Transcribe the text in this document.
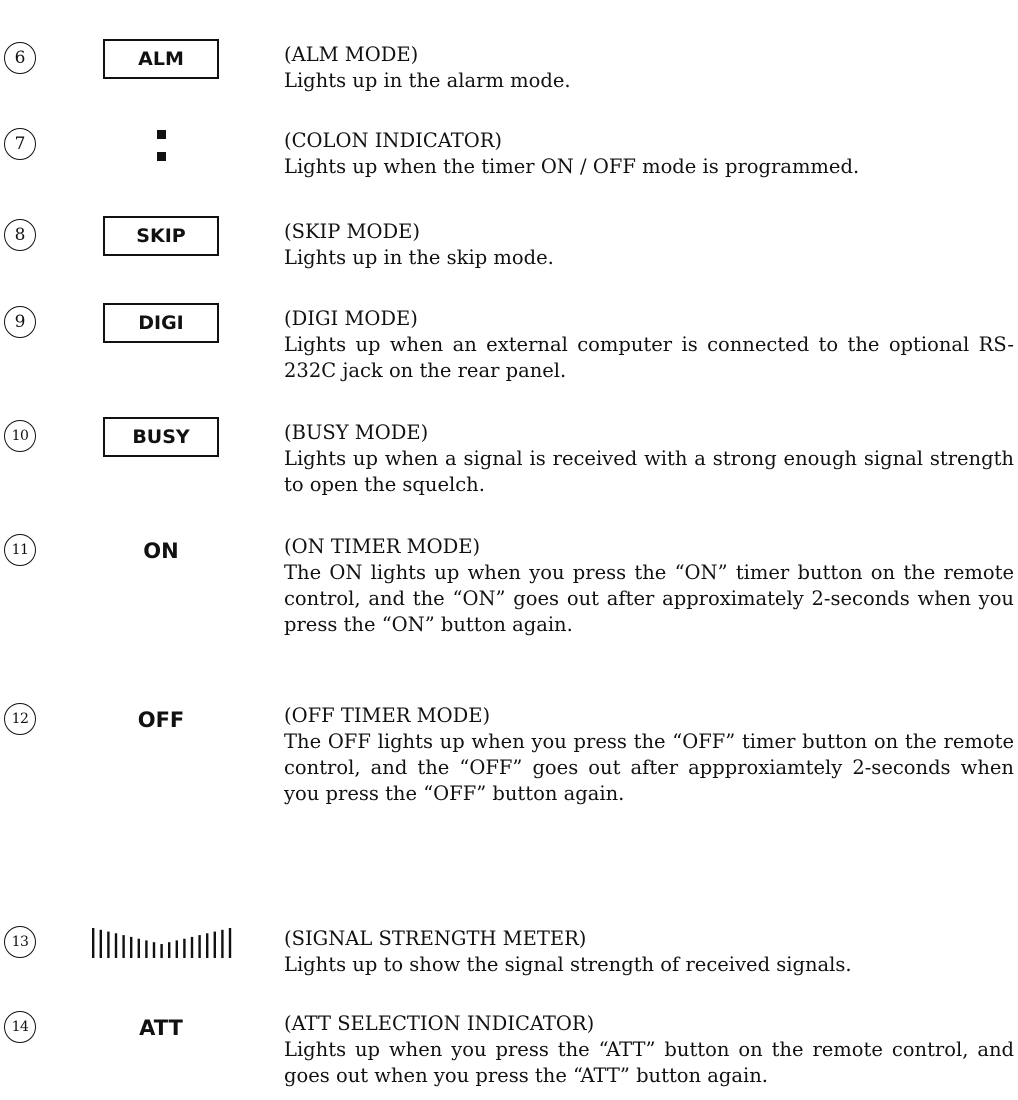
6	ALM	(ALM MODE)
Lights up in the alarm mode.
7	(COLON INDICATOR)
Lights up when the timer ON / OFF mode is programmed.
8	SKIP	(SKIP MODE)
Lights up in the skip mode.
9	DIGI	(DIGI MODE)
Lights up when an external computer is connected to the optional RS-232C jack on the rear panel.
10	BUSY	(BUSY MODE)
Lights up when a signal is received with a strong enough signal strength to open the squelch.
11	ON	(ON TIMER MODE)
The ON lights up when you press the “ON” timer button on the remote control, and the “ON” goes out after approximately 2-seconds when you press the “ON” button again.
12	OFF	(OFF TIMER MODE)
The OFF lights up when you press the “OFF” timer button on the remote control, and the “OFF” goes out after appproxiamtely 2-seconds when you press the “OFF” button again.
13	(SIGNAL STRENGTH METER)
Lights up to show the signal strength of received signals.
14	ATT	(ATT SELECTION INDICATOR)
Lights up when you press the “ATT” button on the remote control, and goes out when you press the “ATT” button again.
